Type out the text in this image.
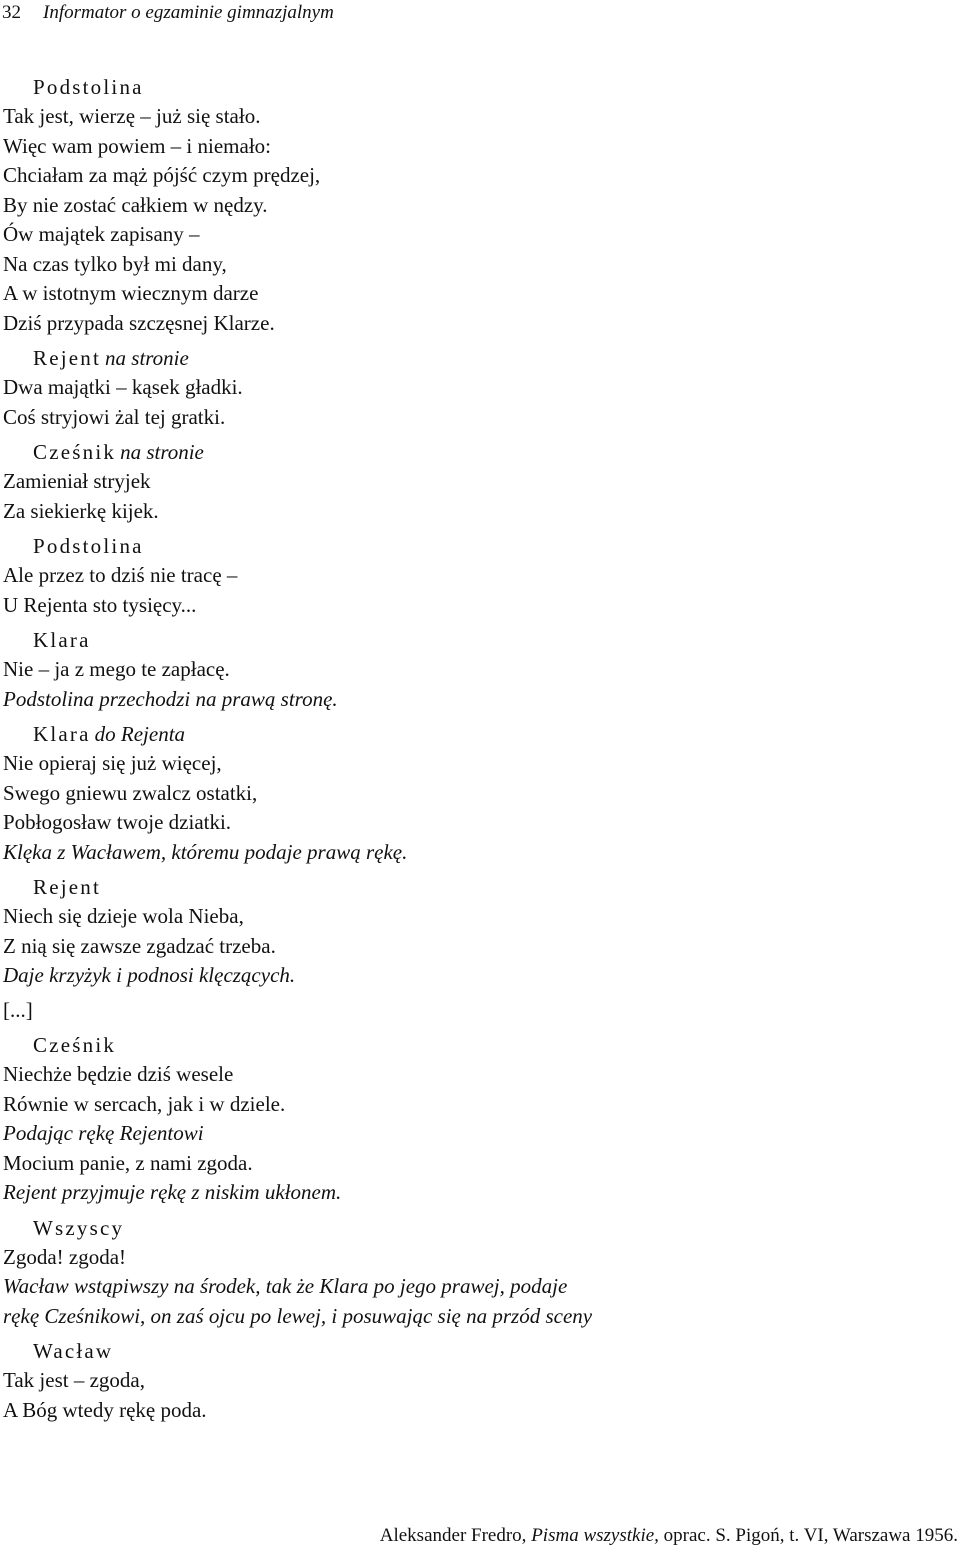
32 Informator o egzaminie gimnazjalnym
Podstolina
Tak jest, wierzę – już się stało.
Więc wam powiem – i niemało:
Chciałam za mąż pójść czym prędzej,
By nie zostać całkiem w nędzy.
Ów majątek zapisany –
Na czas tylko był mi dany,
A w istotnym wiecznym darze
Dziś przypada szczęsnej Klarze.
Rejent na stronie
Dwa majątki – kąsek gładki.
Coś stryjowi żal tej gratki.
Cześnik na stronie
Zamieniał stryjek
Za siekierkę kijek.
Podstolina
Ale przez to dziś nie tracę –
U Rejenta sto tysięcy...
Klara
Nie – ja z mego te zapłacę.
Podstolina przechodzi na prawą stronę.
Klara do Rejenta
Nie opieraj się już więcej,
Swego gniewu zwalcz ostatki,
Pobłogosław twoje dziatki.
Klęka z Wacławem, któremu podaje prawą rękę.
Rejent
Niech się dzieje wola Nieba,
Z nią się zawsze zgadzać trzeba.
Daje krzyżyk i podnosi klęczących.
[...]
Cześnik
Niechże będzie dziś wesele
Równie w sercach, jak i w dziele.
Podając rękę Rejentowi
Mocium panie, z nami zgoda.
Rejent przyjmuje rękę z niskim ukłonem.
Wszyscy
Zgoda! zgoda!
Wacław wstąpiwszy na środek, tak że Klara po jego prawej, podaje
rękę Cześnikowi, on zaś ojcu po lewej, i posuwając się na przód sceny
Wacław
Tak jest – zgoda,
A Bóg wtedy rękę poda.
Aleksander Fredro, Pisma wszystkie, oprac. S. Pigoń, t. VI, Warszawa 1956.
